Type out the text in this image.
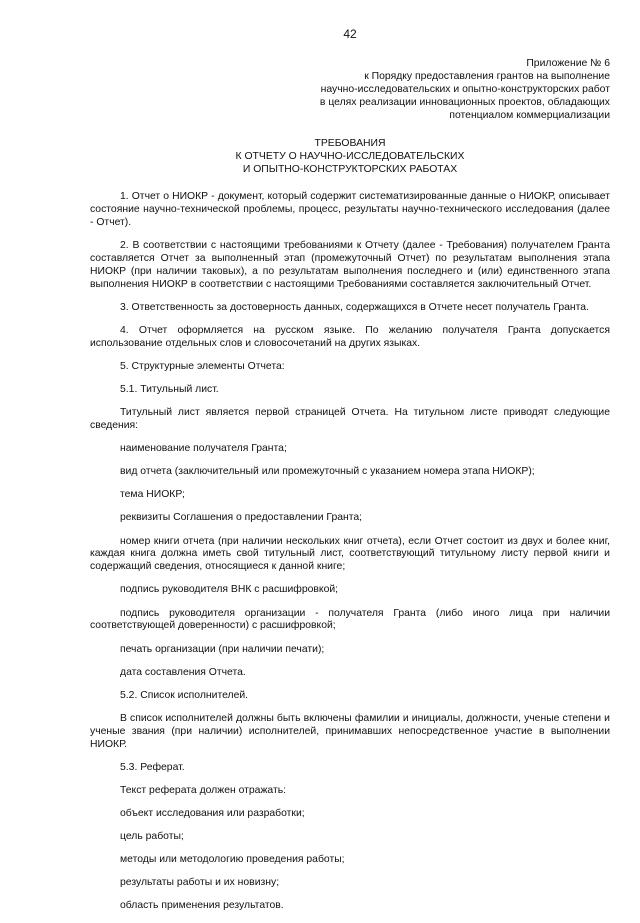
42
Приложение № 6
к Порядку предоставления грантов на выполнение
научно-исследовательских и опытно-конструкторских работ
в целях реализации инновационных проектов, обладающих
потенциалом коммерциализации
ТРЕБОВАНИЯ
К ОТЧЕТУ О НАУЧНО-ИССЛЕДОВАТЕЛЬСКИХ
И ОПЫТНО-КОНСТРУКТОРСКИХ РАБОТАХ

1. Отчет о НИОКР - документ, который содержит систематизированные данные о НИОКР, описывает состояние научно-технической проблемы, процесс, результаты научно-технического исследования (далее - Отчет).

2. В соответствии с настоящими требованиями к Отчету (далее - Требования) получателем Гранта составляется Отчет за выполненный этап (промежуточный Отчет) по результатам выполнения этапа НИОКР (при наличии таковых), а по результатам выполнения последнего и (или) единственного этапа выполнения НИОКР в соответствии с настоящими Требованиями составляется заключительный Отчет.

3. Ответственность за достоверность данных, содержащихся в Отчете несет получатель Гранта.

4. Отчет оформляется на русском языке. По желанию получателя Гранта допускается использование отдельных слов и словосочетаний на других языках.

5. Структурные элементы Отчета:

5.1. Титульный лист.

Титульный лист является первой страницей Отчета. На титульном листе приводят следующие сведения:

наименование получателя Гранта;

вид отчета (заключительный или промежуточный с указанием номера этапа НИОКР);

тема НИОКР;

реквизиты Соглашения о предоставлении Гранта;

номер книги отчета (при наличии нескольких книг отчета), если Отчет состоит из двух и более книг, каждая книга должна иметь свой титульный лист, соответствующий титульному листу первой книги и содержащий сведения, относящиеся к данной книге;

подпись руководителя ВНК с расшифровкой;

подпись руководителя организации - получателя Гранта (либо иного лица при наличии соответствующей доверенности) с расшифровкой;

печать организации (при наличии печати);

дата составления Отчета.

5.2. Список исполнителей.

В список исполнителей должны быть включены фамилии и инициалы, должности, ученые степени и ученые звания (при наличии) исполнителей, принимавших непосредственное участие в выполнении НИОКР.

5.3. Реферат.

Текст реферата должен отражать:

объект исследования или разработки;

цель работы;

методы или методологию проведения работы;

результаты работы и их новизну;

область применения результатов.
